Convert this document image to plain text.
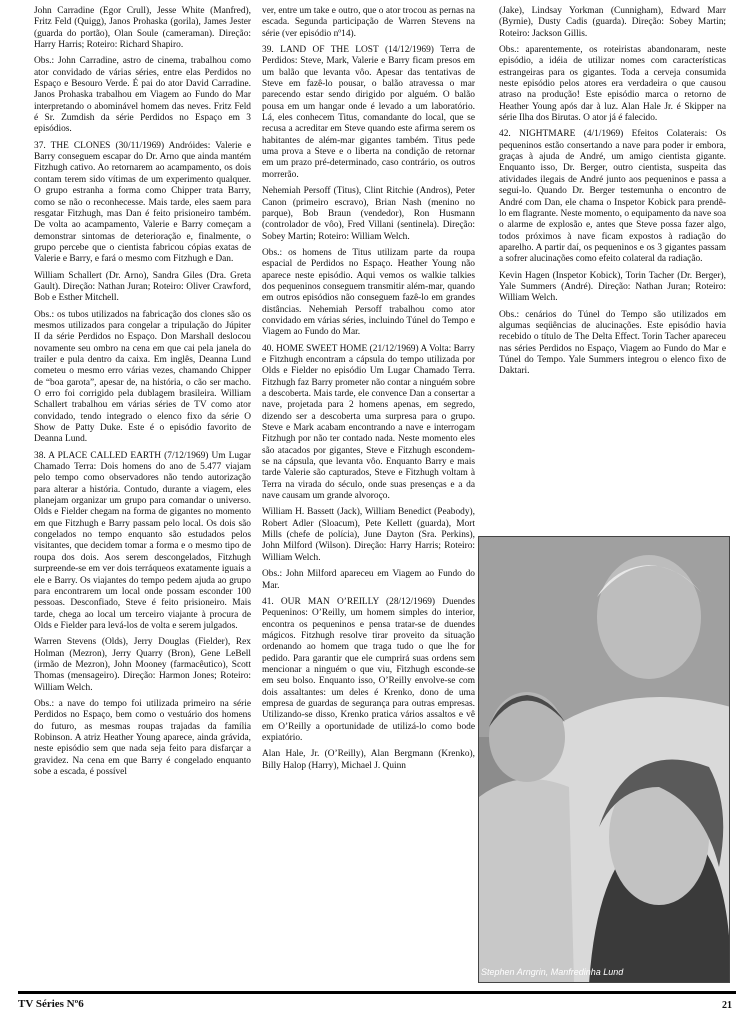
John Carradine (Egor Crull), Jesse White (Manfred), Fritz Feld (Quigg), Janos Prohaska (gorila), James Jester (guarda do portão), Olan Soule (cameraman). Direção: Harry Harris; Roteiro: Richard Shapiro.

Obs.: John Carradine, astro de cinema, trabalhou como ator convidado de várias séries, entre elas Perdidos no Espaço e Besouro Verde. É pai do ator David Carradine. Janos Prohaska trabalhou em Viagem ao Fundo do Mar interpretando o abominável homem das neves. Fritz Feld é Sr. Zumdish da série Perdidos no Espaço em 3 episódios.

37. THE CLONES (30/11/1969) Andróides: Valerie e Barry conseguem escapar do Dr. Arno que ainda mantém Fitzhugh cativo. Ao retornarem ao acampamento, os dois contam terem sido vítimas de um experimento qualquer. O grupo estranha a forma como Chipper trata Barry, como se não o reconhecesse. Mais tarde, eles saem para resgatar Fitzhugh, mas Dan é feito prisioneiro também. De volta ao acampamento, Valerie e Barry começam a demonstrar sintomas de deterioração e, finalmente, o grupo percebe que o cientista fabricou cópias exatas de Valerie e Barry, e fará o mesmo com Fitzhugh e Dan.

William Schallert (Dr. Arno), Sandra Giles (Dra. Greta Gault). Direção: Nathan Juran; Roteiro: Oliver Crawford, Bob e Esther Mitchell.

Obs.: os tubos utilizados na fabricação dos clones são os mesmos utilizados para congelar a tripulação do Júpiter II da série Perdidos no Espaço. Don Marshall deslocou novamente seu ombro na cena em que cai pela janela do trailer e pula dentro da caixa. Em inglês, Deanna Lund cometeu o mesmo erro várias vezes, chamando Chipper de “boa garota”, apesar de, na história, o cão ser macho. O erro foi corrigido pela dublagem brasileira. William Schallert trabalhou em várias séries de TV como ator convidado, tendo integrado o elenco fixo da série O Show de Patty Duke. Este é o episódio favorito de Deanna Lund.

38. A PLACE CALLED EARTH (7/12/1969) Um Lugar Chamado Terra: Dois homens do ano de 5.477 viajam pelo tempo como observadores não tendo autorização para alterar a história. Contudo, durante a viagem, eles planejam organizar um grupo para comandar o universo. Olds e Fielder chegam na forma de gigantes no momento em que Fitzhugh e Barry passam pelo local. Os dois são congelados no tempo enquanto são estudados pelos visitantes, que decidem tomar a forma e o mesmo tipo de roupa dos dois. Aos serem descongelados, Fitzhugh surpreende-se em ver dois terráqueos exatamente iguais a ele e Barry. Os viajantes do tempo pedem ajuda ao grupo para encontrarem um local onde possam esconder 100 pessoas. Desconfiado, Steve é feito prisioneiro. Mais tarde, chega ao local um terceiro viajante à procura de Olds e Fielder para levá-los de volta e serem julgados.

Warren Stevens (Olds), Jerry Douglas (Fielder), Rex Holman (Mezron), Jerry Quarry (Bron), Gene LeBell (irmão de Mezron), John Mooney (farmacêutico), Scott Thomas (mensageiro). Direção: Harmon Jones; Roteiro: William Welch.

Obs.: a nave do tempo foi utilizada primeiro na série Perdidos no Espaço, bem como o vestuário dos homens do futuro, as mesmas roupas trajadas da família Robinson. A atriz Heather Young aparece, ainda grávida, neste episódio sem que nada seja feito para disfarçar a gravidez. Na cena em que Barry é congelado enquanto sobe a escada, é possível

ver, entre um take e outro, que o ator trocou as pernas na escada. Segunda participação de Warren Stevens na série (ver episódio nº14).

39. LAND OF THE LOST (14/12/1969) Terra de Perdidos: Steve, Mark, Valerie e Barry ficam presos em um balão que levanta vôo. Apesar das tentativas de Steve em fazê-lo pousar, o balão atravessa o mar parecendo estar sendo dirigido por alguém. O balão pousa em um hangar onde é levado a um laboratório. Lá, eles conhecem Titus, comandante do local, que se recusa a acreditar em Steve quando este afirma serem os habitantes de além-mar gigantes também. Titus pede uma prova a Steve e o liberta na condição de retornar em um prazo pré-determinado, caso contrário, os outros morrerão.

Nehemiah Persoff (Titus), Clint Ritchie (Andros), Peter Canon (primeiro escravo), Brian Nash (menino no parque), Bob Braun (vendedor), Ron Husmann (controlador de vôo), Fred Villani (sentinela). Direção: Sobey Martin; Roteiro: William Welch.

Obs.: os homens de Titus utilizam parte da roupa espacial de Perdidos no Espaço. Heather Young não aparece neste episódio. Aqui vemos os walkie talkies dos pequeninos conseguem transmitir além-mar, quando em outros episódios não conseguem fazê-lo em grandes distâncias. Nehemiah Persoff trabalhou como ator convidado em várias séries, incluindo Túnel do Tempo e Viagem ao Fundo do Mar.

40. HOME SWEET HOME (21/12/1969) A Volta: Barry e Fitzhugh encontram a cápsula do tempo utilizada por Olds e Fielder no episódio Um Lugar Chamado Terra. Fitzhugh faz Barry prometer não contar a ninguém sobre a descoberta. Mais tarde, ele convence Dan a consertar a nave, projetada para 2 homens apenas, em segredo, dizendo ser a descoberta uma surpresa para o grupo. Steve e Mark acabam encontrando a nave e interrogam Fitzhugh por não ter contado nada. Neste momento eles são atacados por gigantes, Steve e Fitzhugh escondem-se na cápsula, que levanta vôo. Enquanto Barry e mais tarde Valerie são capturados, Steve e Fitzhugh voltam à Terra na virada do século, onde suas presenças e a da nave causam um grande alvoroço.

William H. Bassett (Jack), William Benedict (Peabody), Robert Adler (Sloacum), Pete Kellett (guarda), Mort Mills (chefe de polícia), June Dayton (Sra. Perkins), John Milford (Wilson). Direção: Harry Harris; Roteiro: William Welch.

Obs.: John Milford apareceu em Viagem ao Fundo do Mar.

41. OUR MAN O’REILLY (28/12/1969) Duendes Pequeninos: O’Reilly, um homem simples do interior, encontra os pequeninos e pensa tratar-se de duendes mágicos. Fitzhugh resolve tirar proveito da situação ordenando ao homem que traga tudo o que lhe for pedido. Para garantir que ele cumprirá suas ordens sem mencionar a ninguém o que viu, Fitzhugh esconde-se em seu bolso. Enquanto isso, O’Reilly envolve-se com dois assaltantes: um deles é Krenko, dono de uma empresa de guardas de segurança para outras empresas. Utilizando-se disso, Krenko pratica vários assaltos e vê em O’Reilly a oportunidade de utilizá-lo como bode expiatório.

Alan Hale, Jr. (O’Reilly), Alan Bergmann (Krenko), Billy Halop (Harry), Michael J. Quinn

(Jake), Lindsay Yorkman (Cunnigham), Edward Marr (Byrnie), Dusty Cadis (guarda). Direção: Sobey Martin; Roteiro: Jackson Gillis.

Obs.: aparentemente, os roteiristas abandonaram, neste episódio, a idéia de utilizar nomes com características estrangeiras para os gigantes. Toda a cerveja consumida neste episódio pelos atores era verdadeira o que causou atraso na produção! Este episódio marca o retorno de Heather Young após dar à luz. Alan Hale Jr. é Skipper na série Ilha dos Birutas. O ator já é falecido.

42. NIGHTMARE (4/1/1969) Efeitos Colaterais: Os pequeninos estão consertando a nave para poder ir embora, graças à ajuda de André, um amigo cientista gigante. Enquanto isso, Dr. Berger, outro cientista, suspeita das atividades ilegais de André junto aos pequeninos e passa a segui-lo. Quando Dr. Berger testemunha o encontro de André com Dan, ele chama o Inspetor Kobick para prendê-lo em flagrante. Neste momento, o equipamento da nave soa o alarme de explosão e, antes que Steve possa fazer algo, todos próximos à nave ficam expostos à radiação do aparelho. A partir daí, os pequeninos e os 3 gigantes passam a sofrer alucinações como efeito colateral da radiação.

Kevin Hagen (Inspetor Kobick), Torin Tacher (Dr. Berger), Yale Summers (André). Direção: Nathan Juran; Roteiro: William Welch.

Obs.: cenários do Túnel do Tempo são utilizados em algumas seqüências de alucinações. Este episódio havia recebido o título de The Delta Effect. Torin Tacher apareceu nas séries Perdidos no Espaço, Viagem ao Fundo do Mar e Túnel do Tempo. Yale Summers integrou o elenco fixo de Daktari.

Stephen Arngrin, Manfredinha Lund
TV Séries Nº6	21
